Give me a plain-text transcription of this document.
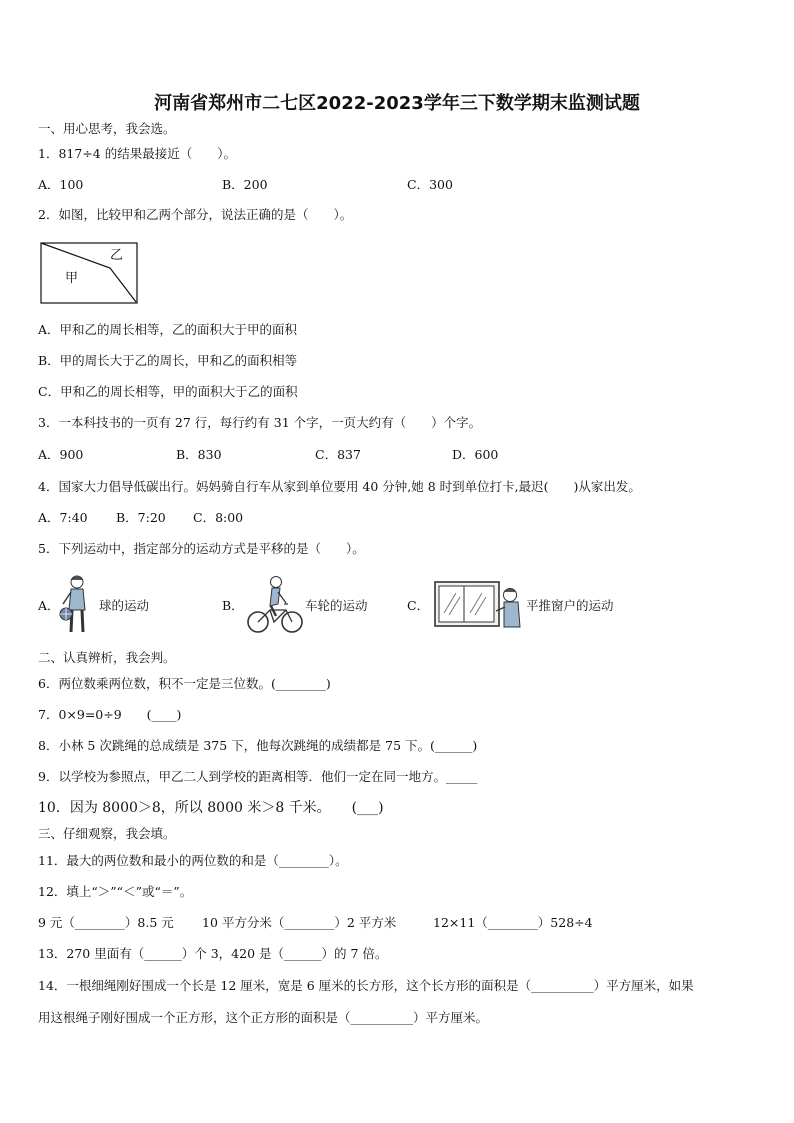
河南省郑州市二七区2022-2023学年三下数学期末监测试题
一、用心思考，我会选。
1．817÷4 的结果最接近（　　）。
A．100	B．200	C．300
2．如图，比较甲和乙两个部分，说法正确的是（　　）。
甲
乙
A．甲和乙的周长相等，乙的面积大于甲的面积
B．甲的周长大于乙的周长，甲和乙的面积相等
C．甲和乙的周长相等，甲的面积大于乙的面积
3．一本科技书的一页有 27 行，每行约有 31 个字，一页大约有（　　）个字。
A．900	B．830	C．837	D．600
4．国家大力倡导低碳出行。妈妈骑自行车从家到单位要用 40 分钟,她 8 时到单位打卡,最迟(　　)从家出发。
A．7:40 B．7:20 C．8:00
5．下列运动中，指定部分的运动方式是平移的是（　　）。
A．	球的运动	B．	车轮的运动	C．	平推窗户的运动
二、认真辨析，我会判。
6．两位数乘两位数，积不一定是三位数。(________)
7．0×9=0÷9　　(____)
8．小林 5 次跳绳的总成绩是 375 下，他每次跳绳的成绩都是 75 下。(______)
9．以学校为参照点，甲乙二人到学校的距离相等．他们一定在同一地方。_____
10．因为 8000＞8，所以 8000 米＞8 千米。　　(___)
三、仔细观察，我会填。
11．最大的两位数和最小的两位数的和是（________）。
12．填上“＞”“＜”或“＝”。
9 元（________）8.5 元 10 平方分米（________）2 平方米	12×11（________）528÷4
13．270 里面有（______）个 3，420 是（______）的 7 倍。
14．一根细绳刚好围成一个长是 12 厘米，宽是 6 厘米的长方形，这个长方形的面积是（__________）平方厘米，如果
用这根绳子刚好围成一个正方形，这个正方形的面积是（__________）平方厘米。
